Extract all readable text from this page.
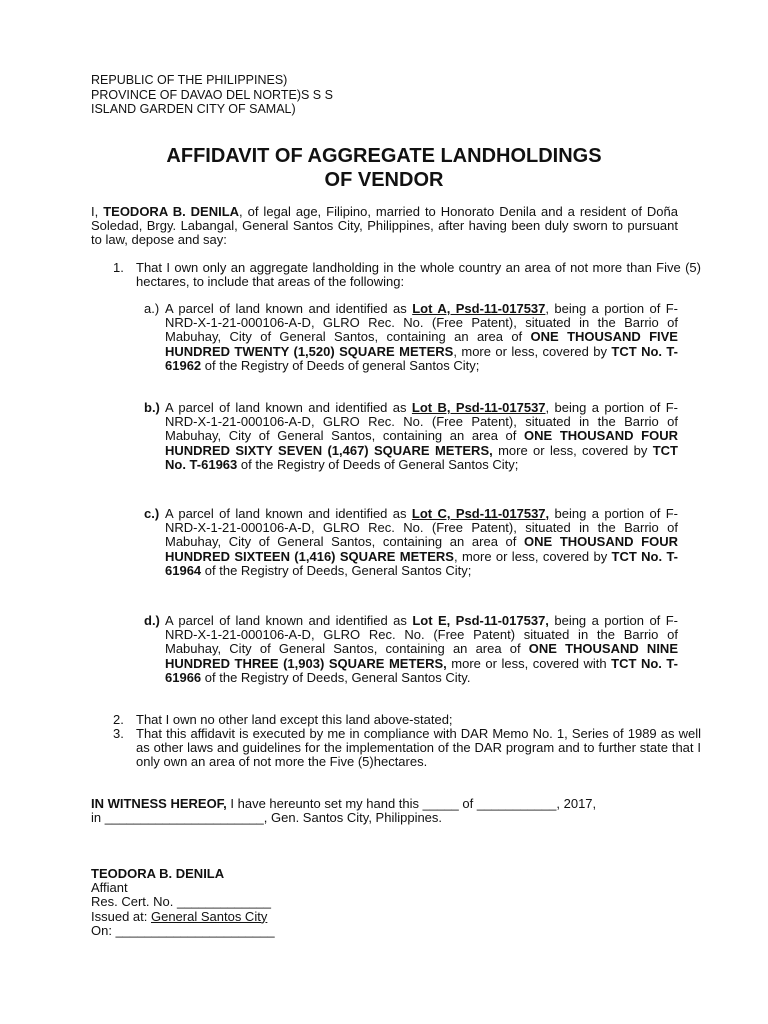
REPUBLIC OF THE PHILIPPINES)
PROVINCE OF DAVAO DEL NORTE)S S S
ISLAND GARDEN CITY OF SAMAL)
AFFIDAVIT OF AGGREGATE LANDHOLDINGS
OF VENDOR
I, TEODORA B. DENILA, of legal age, Filipino, married to Honorato Denila and a resident of Doña Soledad, Brgy. Labangal, General Santos City, Philippines, after having been duly sworn to pursuant to law, depose and say:
1. That I own only an aggregate landholding in the whole country an area of not more than Five (5) hectares, to include that areas of the following:
a.) A parcel of land known and identified as Lot A, Psd-11-017537, being a portion of F-NRD-X-1-21-000106-A-D, GLRO Rec. No. (Free Patent), situated in the Barrio of Mabuhay, City of General Santos, containing an area of ONE THOUSAND FIVE HUNDRED TWENTY (1,520) SQUARE METERS, more or less, covered by TCT No. T-61962 of the Registry of Deeds of general Santos City;
b.) A parcel of land known and identified as Lot B, Psd-11-017537, being a portion of F-NRD-X-1-21-000106-A-D, GLRO Rec. No. (Free Patent), situated in the Barrio of Mabuhay, City of General Santos, containing an area of ONE THOUSAND FOUR HUNDRED SIXTY SEVEN (1,467) SQUARE METERS, more or less, covered by TCT No. T-61963 of the Registry of Deeds of General Santos City;
c.) A parcel of land known and identified as Lot C, Psd-11-017537, being a portion of F-NRD-X-1-21-000106-A-D, GLRO Rec. No. (Free Patent), situated in the Barrio of Mabuhay, City of General Santos, containing an area of ONE THOUSAND FOUR HUNDRED SIXTEEN (1,416) SQUARE METERS, more or less, covered by TCT No. T-61964 of the Registry of Deeds, General Santos City;
d.) A parcel of land known and identified as Lot E, Psd-11-017537, being a portion of F-NRD-X-1-21-000106-A-D, GLRO Rec. No. (Free Patent) situated in the Barrio of Mabuhay, City of General Santos, containing an area of ONE THOUSAND NINE HUNDRED THREE (1,903) SQUARE METERS, more or less, covered with TCT No. T-61966 of the Registry of Deeds, General Santos City.
2. That I own no other land except this land above-stated;
3. That this affidavit is executed by me in compliance with DAR Memo No. 1, Series of 1989 as well as other laws and guidelines for the implementation of the DAR program and to further state that I only own an area of not more the Five (5)hectares.
IN WITNESS HEREOF, I have hereunto set my hand this _____ of ___________, 2017,
in ______________________, Gen. Santos City, Philippines.
TEODORA B. DENILA
Affiant
Res. Cert. No. _____________
Issued at: General Santos City
On: ______________________
